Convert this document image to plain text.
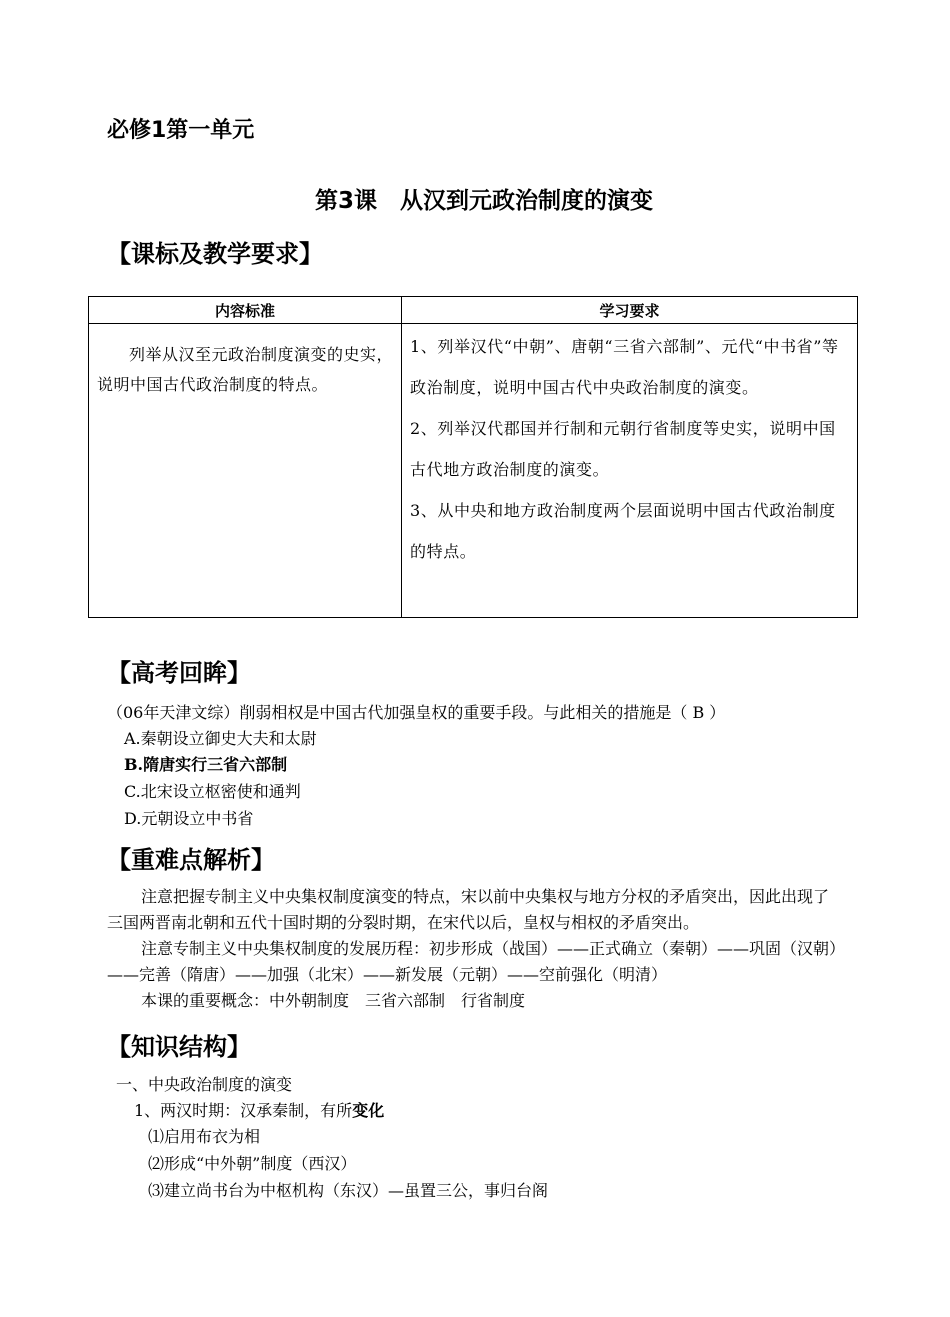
必修1第一单元
第3课　从汉到元政治制度的演变
【课标及教学要求】
内容标准	学习要求

列举从汉至元政治制度演变的史实，说明中国古代政治制度的特点。	1、列举汉代“中朝”、唐朝“三省六部制”、元代“中书省”等政治制度，说明中国古代中央政治制度的演变。
2、列举汉代郡国并行制和元朝行省制度等史实，说明中国古代地方政治制度的演变。
3、从中央和地方政治制度两个层面说明中国古代政治制度的特点。
【高考回眸】
（06年天津文综）削弱相权是中国古代加强皇权的重要手段。与此相关的措施是（ B ）
A.秦朝设立御史大夫和太尉
B.隋唐实行三省六部制
C.北宋设立枢密使和通判
D.元朝设立中书省
【重难点解析】

注意把握专制主义中央集权制度演变的特点，宋以前中央集权与地方分权的矛盾突出，因此出现了三国两晋南北朝和五代十国时期的分裂时期，在宋代以后，皇权与相权的矛盾突出。

注意专制主义中央集权制度的发展历程：初步形成（战国）——正式确立（秦朝）——巩固（汉朝）——完善（隋唐）——加强（北宋）——新发展（元朝）——空前强化（明清）

本课的重要概念：中外朝制度　三省六部制　行省制度

【知识结构】
一、中央政治制度的演变
1、两汉时期：汉承秦制，有所变化
⑴启用布衣为相
⑵形成“中外朝”制度（西汉）
⑶建立尚书台为中枢机构（东汉）—虽置三公，事归台阁
